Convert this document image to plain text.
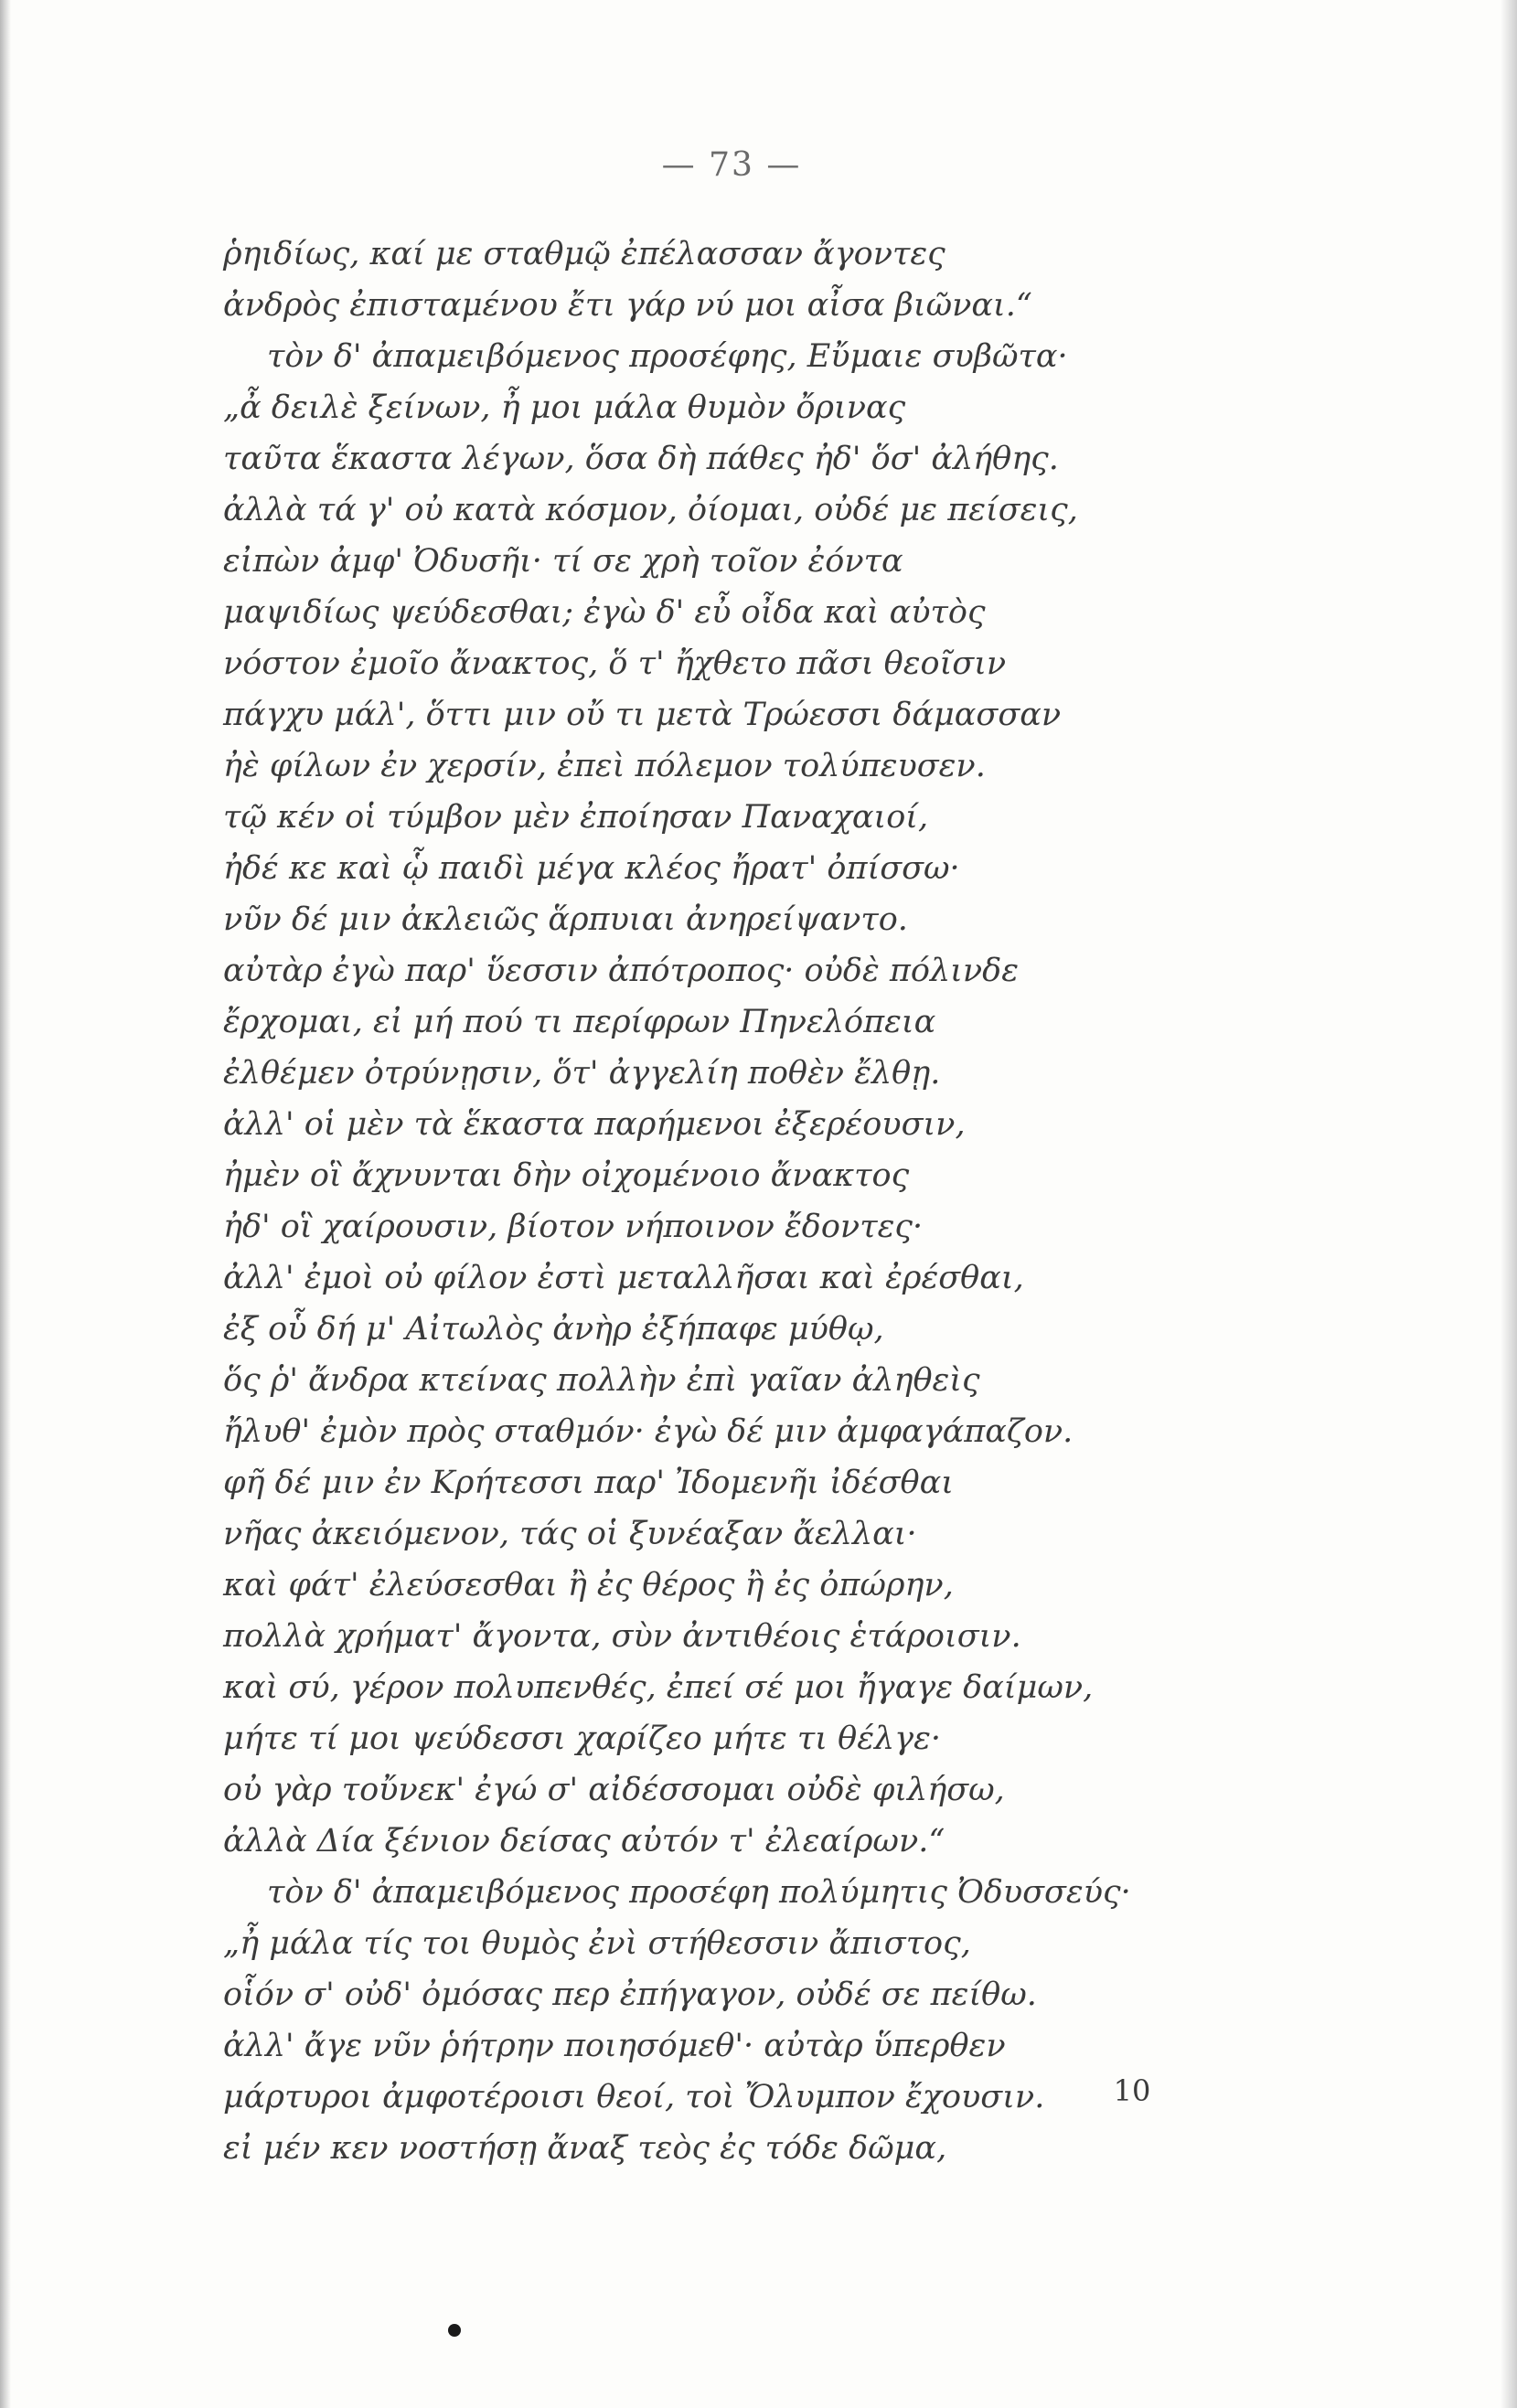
— 73 —
ῥηιδίως, καί με σταθμῷ ἐπέλασσαν ἄγοντες
ἀνδρὸς ἐπισταμένου ἔτι γάρ νύ μοι αἶσα βιῶναι.“
τὸν δ' ἀπαμειβόμενος προσέφης, Εὔμαιε συβῶτα·
„ἆ δειλὲ ξείνων, ἦ μοι μάλα θυμὸν ὄρινας
ταῦτα ἕκαστα λέγων, ὅσα δὴ πάθες ἠδ' ὅσ' ἀλήθης.
ἀλλὰ τά γ' οὐ κατὰ κόσμον, ὀίομαι, οὐδέ με πείσεις,
εἰπὼν ἀμφ' Ὀδυσῆι· τί σε χρὴ τοῖον ἐόντα
μαψιδίως ψεύδεσθαι; ἐγὼ δ' εὖ οἶδα καὶ αὐτὸς
νόστον ἐμοῖο ἄνακτος, ὅ τ' ἤχθετο πᾶσι θεοῖσιν
πάγχυ μάλ', ὅττι μιν οὔ τι μετὰ Τρώεσσι δάμασσαν
ἠὲ φίλων ἐν χερσίν, ἐπεὶ πόλεμον τολύπευσεν.
τῷ κέν οἱ τύμβον μὲν ἐποίησαν Παναχαιοί,
ἠδέ κε καὶ ᾧ παιδὶ μέγα κλέος ἤρατ' ὀπίσσω·
νῦν δέ μιν ἀκλειῶς ἅρπυιαι ἀνηρείψαντο.
αὐτὰρ ἐγὼ παρ' ὕεσσιν ἀπότροπος· οὐδὲ πόλινδε
ἔρχομαι, εἰ μή πού τι περίφρων Πηνελόπεια
ἐλθέμεν ὀτρύνῃσιν, ὅτ' ἀγγελίη ποθὲν ἔλθῃ.
ἀλλ' οἱ μὲν τὰ ἕκαστα παρήμενοι ἐξερέουσιν,
ἠμὲν οἳ ἄχνυνται δὴν οἰχομένοιο ἄνακτος
ἠδ' οἳ χαίρουσιν, βίοτον νήποινον ἔδοντες·
ἀλλ' ἐμοὶ οὐ φίλον ἐστὶ μεταλλῆσαι καὶ ἐρέσθαι,
ἐξ οὗ δή μ' Αἰτωλὸς ἀνὴρ ἐξήπαφε μύθῳ,
ὅς ῥ' ἄνδρα κτείνας πολλὴν ἐπὶ γαῖαν ἀληθεὶς
ἤλυθ' ἐμὸν πρὸς σταθμόν· ἐγὼ δέ μιν ἀμφαγάπαζον.
φῆ δέ μιν ἐν Κρήτεσσι παρ' Ἰδομενῆι ἰδέσθαι
νῆας ἀκειόμενον, τάς οἱ ξυνέαξαν ἄελλαι·
καὶ φάτ' ἐλεύσεσθαι ἢ ἐς θέρος ἢ ἐς ὀπώρην,
πολλὰ χρήματ' ἄγοντα, σὺν ἀντιθέοις ἑτάροισιν.
καὶ σύ, γέρον πολυπενθές, ἐπεί σέ μοι ἤγαγε δαίμων,
μήτε τί μοι ψεύδεσσι χαρίζεο μήτε τι θέλγε·
οὐ γὰρ τοὔνεκ' ἐγώ σ' αἰδέσσομαι οὐδὲ φιλήσω,
ἀλλὰ Δία ξένιον δείσας αὐτόν τ' ἐλεαίρων.“
τὸν δ' ἀπαμειβόμενος προσέφη πολύμητις Ὀδυσσεύς·
„ἦ μάλα τίς τοι θυμὸς ἐνὶ στήθεσσιν ἄπιστος,
οἷόν σ' οὐδ' ὀμόσας περ ἐπήγαγον, οὐδέ σε πείθω.
ἀλλ' ἄγε νῦν ῥήτρην ποιησόμεθ'· αὐτὰρ ὕπερθεν
μάρτυροι ἀμφοτέροισι θεοί, τοὶ Ὄλυμπον ἔχουσιν.
εἰ μέν κεν νοστήσῃ ἄναξ τεὸς ἐς τόδε δῶμα,
10
